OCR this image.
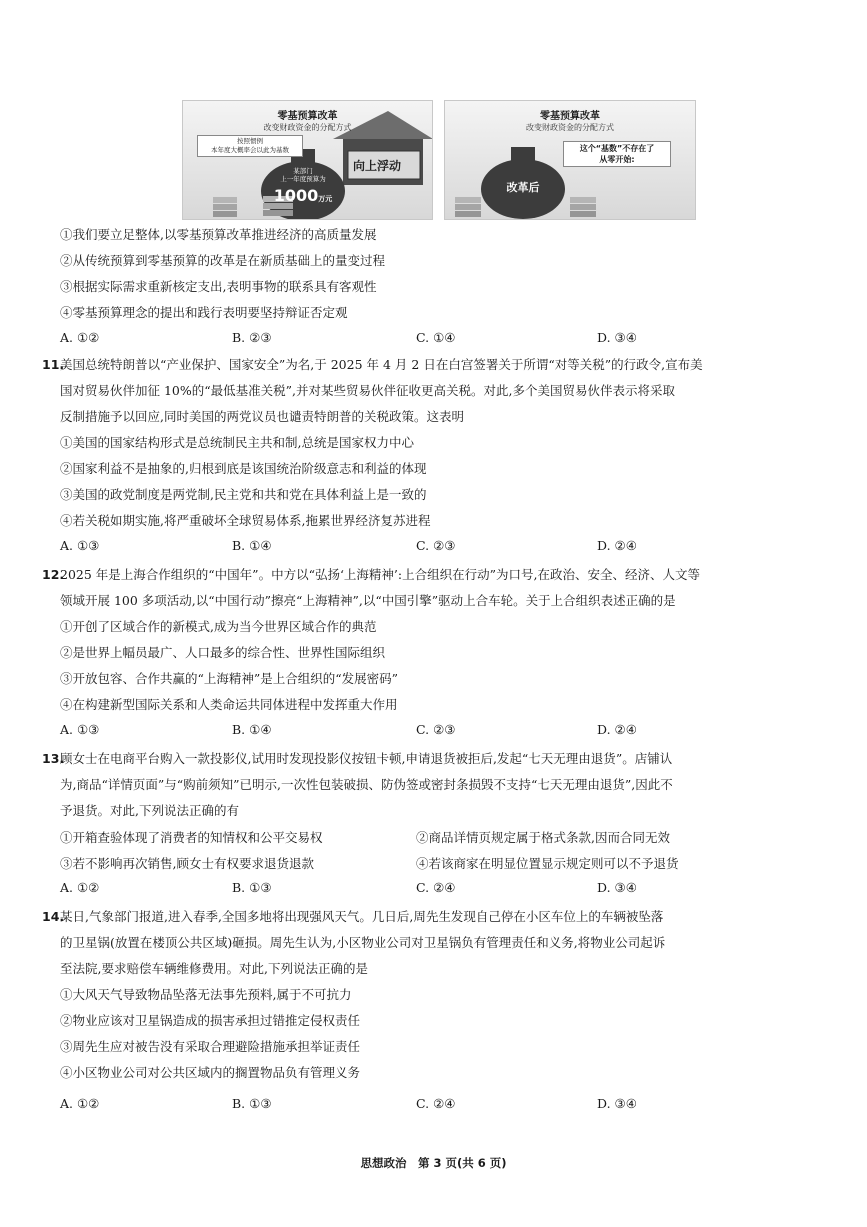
零基预算改革
改变财政资金的分配方式
按照惯例
本年度大概率会以此为基数
某部门
上一年度预算为
1000万元
向上浮动
零基预算改革
改变财政资金的分配方式
这个“基数”不存在了
从零开始:
改革后
①我们要立足整体,以零基预算改革推进经济的高质量发展
②从传统预算到零基预算的改革是在新质基础上的量变过程
③根据实际需求重新核定支出,表明事物的联系具有客观性
④零基预算理念的提出和践行表明要坚持辩证否定观
A. ①②	B. ②③	C. ①④	D. ③④
11.美国总统特朗普以“产业保护、国家安全”为名,于 2025 年 4 月 2 日在白宫签署关于所谓“对等关税”的行政令,宣布美
国对贸易伙伴加征 10%的“最低基准关税”,并对某些贸易伙伴征收更高关税。对此,多个美国贸易伙伴表示将采取
反制措施予以回应,同时美国的两党议员也谴责特朗普的关税政策。这表明
①美国的国家结构形式是总统制民主共和制,总统是国家权力中心
②国家利益不是抽象的,归根到底是该国统治阶级意志和利益的体现
③美国的政党制度是两党制,民主党和共和党在具体利益上是一致的
④若关税如期实施,将严重破坏全球贸易体系,拖累世界经济复苏进程
A. ①③	B. ①④	C. ②③	D. ②④
12.2025 年是上海合作组织的“中国年”。中方以“弘扬‘上海精神’:上合组织在行动”为口号,在政治、安全、经济、人文等
领域开展 100 多项活动,以“中国行动”擦亮“上海精神”,以“中国引擎”驱动上合车轮。关于上合组织表述正确的是
①开创了区域合作的新模式,成为当今世界区域合作的典范
②是世界上幅员最广、人口最多的综合性、世界性国际组织
③开放包容、合作共赢的“上海精神”是上合组织的“发展密码”
④在构建新型国际关系和人类命运共同体进程中发挥重大作用
A. ①③	B. ①④	C. ②③	D. ②④
13.顾女士在电商平台购入一款投影仪,试用时发现投影仪按钮卡顿,申请退货被拒后,发起“七天无理由退货”。店铺认
为,商品“详情页面”与“购前须知”已明示,一次性包装破损、防伪签或密封条损毁不支持“七天无理由退货”,因此不
予退货。对此,下列说法正确的有
①开箱查验体现了消费者的知情权和公平交易权	②商品详情页规定属于格式条款,因而合同无效
③若不影响再次销售,顾女士有权要求退货退款	④若该商家在明显位置显示规定则可以不予退货
A. ①②	B. ①③	C. ②④	D. ③④
14.某日,气象部门报道,进入春季,全国多地将出现强风天气。几日后,周先生发现自己停在小区车位上的车辆被坠落
的卫星锅(放置在楼顶公共区域)砸损。周先生认为,小区物业公司对卫星锅负有管理责任和义务,将物业公司起诉
至法院,要求赔偿车辆维修费用。对此,下列说法正确的是
①大风天气导致物品坠落无法事先预料,属于不可抗力
②物业应该对卫星锅造成的损害承担过错推定侵权责任
③周先生应对被告没有采取合理避险措施承担举证责任
④小区物业公司对公共区域内的搁置物品负有管理义务
A. ①②	B. ①③	C. ②④	D. ③④
思想政治　第 3 页(共 6 页)
